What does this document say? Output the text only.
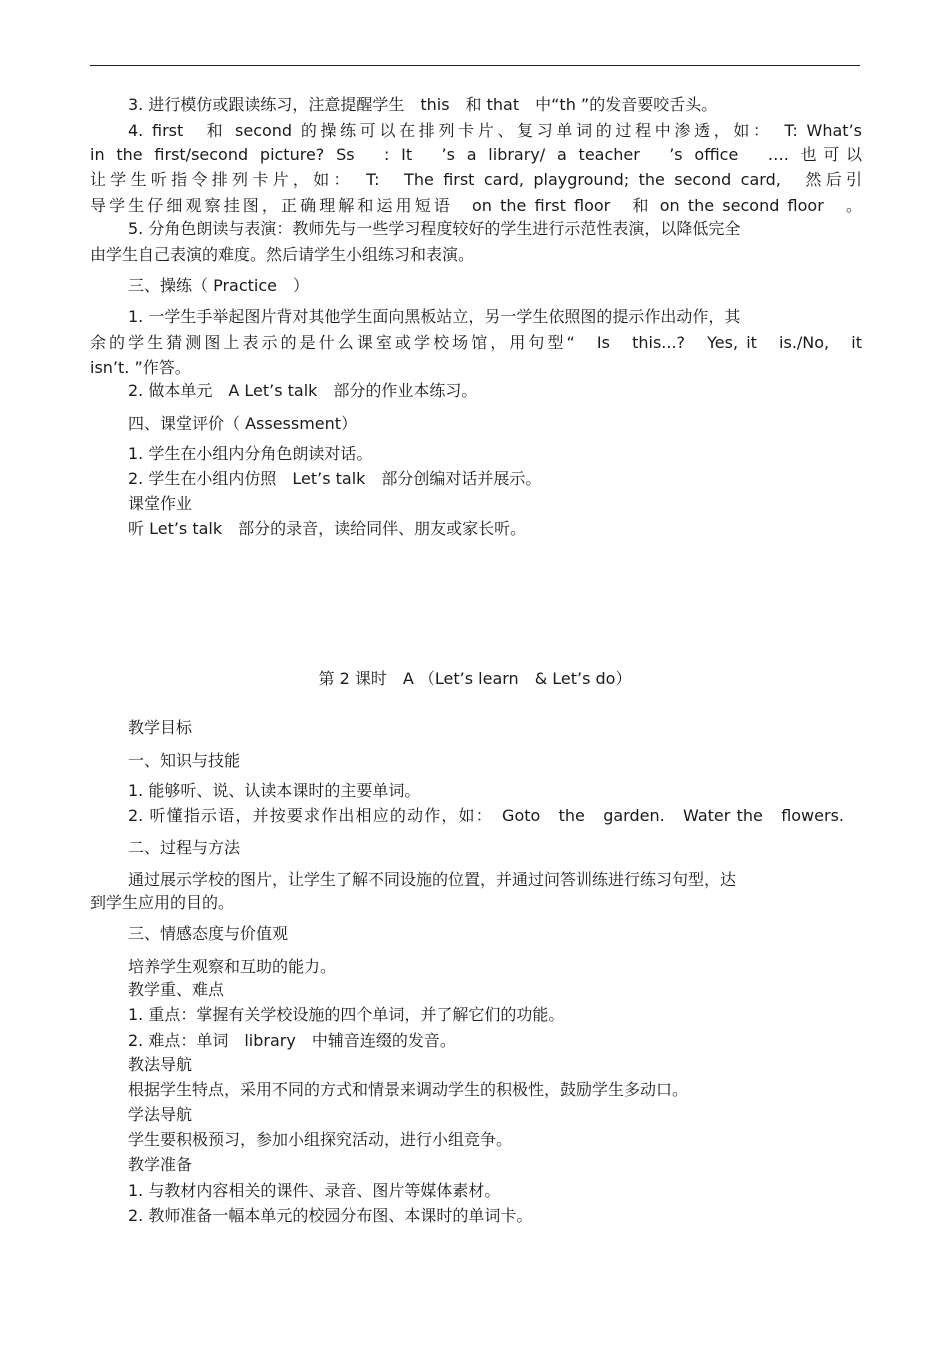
3. 进行模仿或跟读练习，注意提醒学生　this　和 that　中“th ”的发音要咬舌头。
4. first　和 second 的操练可以在排列卡片、复习单词的过程中渗透，如：　T: What’s
in the first/second picture? Ss　: It　’s a library/ a teacher　’s office　…. 也可以
让学生听指令排列卡片，如：　T:　The first card, playground; the second card,　然后引
导学生仔细观察挂图，正确理解和运用短语　on the first floor　和 on the second floor　。
5. 分角色朗读与表演：教师先与一些学习程度较好的学生进行示范性表演，以降低完全
由学生自己表演的难度。然后请学生小组练习和表演。
三、操练（ Practice　）
1. 一学生手举起图片背对其他学生面向黑板站立，另一学生依照图的提示作出动作，其
余的学生猜测图上表示的是什么课室或学校场馆，用句型“　Is　this...?　Yes, it　is./No,　it
isn’t. ”作答。
2. 做本单元　A Let’s talk　部分的作业本练习。
四、课堂评价（ Assessment）
1. 学生在小组内分角色朗读对话。
2. 学生在小组内仿照　Let’s talk　部分创编对话并展示。
课堂作业
听 Let’s talk　部分的录音，读给同伴、朋友或家长听。
第 2 课时　A （Let’s learn　& Let’s do）
教学目标
一、知识与技能
1. 能够听、说、认读本课时的主要单词。
2. 听懂指示语，并按要求作出相应的动作，如：　Goto　the　garden.　Water the　flowers.
二、过程与方法
通过展示学校的图片，让学生了解不同设施的位置，并通过问答训练进行练习句型，达
到学生应用的目的。
三、情感态度与价值观
培养学生观察和互助的能力。
教学重、难点
1. 重点：掌握有关学校设施的四个单词，并了解它们的功能。
2. 难点：单词　library　中辅音连缀的发音。
教法导航
根据学生特点，采用不同的方式和情景来调动学生的积极性，鼓励学生多动口。
学法导航
学生要积极预习，参加小组探究活动，进行小组竞争。
教学准备
1. 与教材内容相关的课件、录音、图片等媒体素材。
2. 教师准备一幅本单元的校园分布图、本课时的单词卡。
